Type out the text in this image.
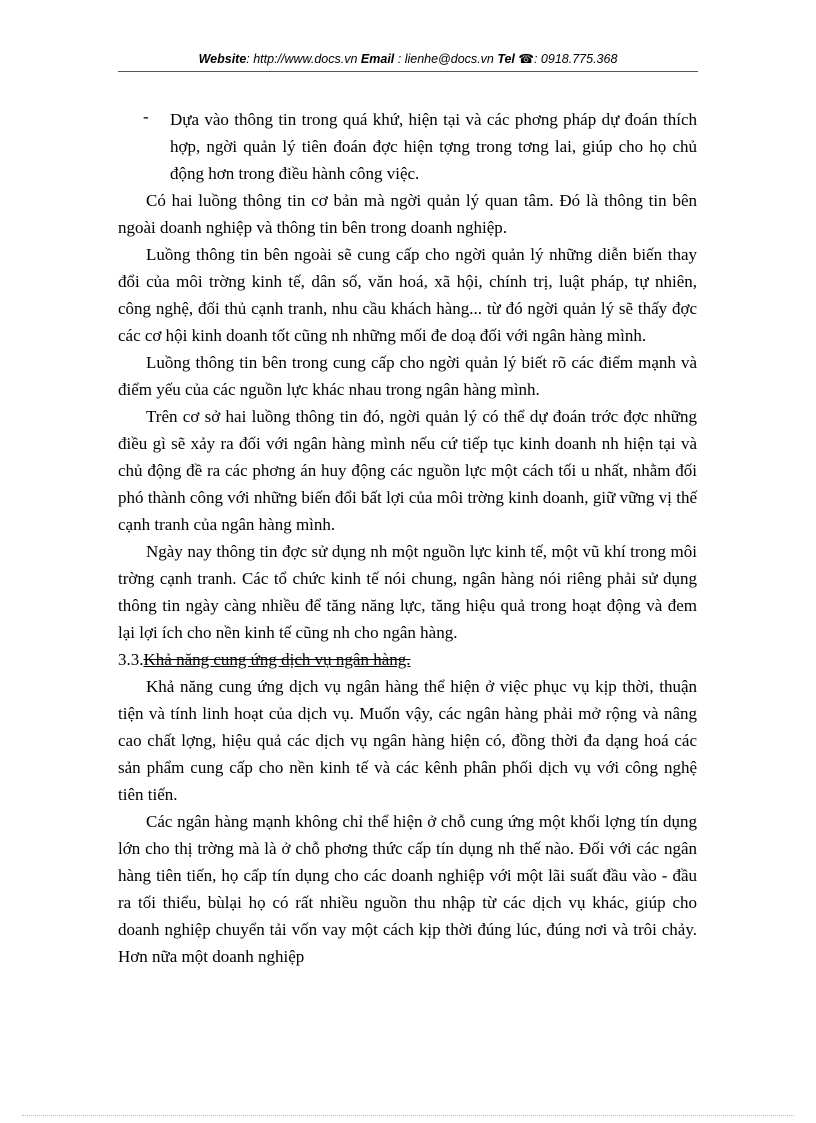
Website: http://www.docs.vn Email : lienhe@docs.vn Tel ☎: 0918.775.368
- Dựa vào thông tin trong quá khứ, hiện tại và các phơng pháp dự đoán thích hợp, ngời quản lý tiên đoán đợc hiện tợng trong tơng lai, giúp cho họ chủ động hơn trong điều hành công việc.

Có hai luồng thông tin cơ bản mà ngời quản lý quan tâm. Đó là thông tin bên ngoài doanh nghiệp và thông tin bên trong doanh nghiệp.

Luồng thông tin bên ngoài sẽ cung cấp cho ngời quản lý những diễn biến thay đổi của môi trờng kinh tế, dân số, văn hoá, xã hội, chính trị, luật pháp, tự nhiên, công nghệ, đối thủ cạnh tranh, nhu cầu khách hàng... từ đó ngời quản lý sẽ thấy đợc các cơ hội kinh doanh tốt cũng nh những mối đe doạ đối với ngân hàng mình.

Luồng thông tin bên trong cung cấp cho ngời quản lý biết rõ các điểm mạnh và điểm yếu của các nguồn lực khác nhau trong ngân hàng mình.

Trên cơ sở hai luồng thông tin đó, ngời quản lý có thể dự đoán trớc đợc những điều gì sẽ xảy ra đối với ngân hàng mình nếu cứ tiếp tục kinh doanh nh hiện tại và chủ động đề ra các phơng án huy động các nguồn lực một cách tối u nhất, nhằm đối phó thành công với những biến đổi bất lợi của môi trờng kinh doanh, giữ vững vị thế cạnh tranh của ngân hàng mình.

Ngày nay thông tin đợc sử dụng nh một nguồn lực kinh tế, một vũ khí trong môi trờng cạnh tranh. Các tổ chức kinh tế nói chung, ngân hàng nói riêng phải sử dụng thông tin ngày càng nhiều để tăng năng lực, tăng hiệu quả trong hoạt động và đem lại lợi ích cho nền kinh tế cũng nh cho ngân hàng.

3.3.Khả năng cung ứng dịch vụ ngân hàng.

Khả năng cung ứng dịch vụ ngân hàng thể hiện ở việc phục vụ kịp thời, thuận tiện và tính linh hoạt của dịch vụ. Muốn vậy, các ngân hàng phải mở rộng và nâng cao chất lợng, hiệu quả các dịch vụ ngân hàng hiện có, đồng thời đa dạng hoá các sản phẩm cung cấp cho nền kinh tế và các kênh phân phối dịch vụ với công nghệ tiên tiến.

Các ngân hàng mạnh không chỉ thể hiện ở chỗ cung ứng một khối lợng tín dụng lớn cho thị trờng mà là ở chỗ phơng thức cấp tín dụng nh thế nào. Đối với các ngân hàng tiên tiến, họ cấp tín dụng cho các doanh nghiệp với một lãi suất đầu vào - đầu ra tối thiểu, bùlại họ có rất nhiều nguồn thu nhập từ các dịch vụ khác, giúp cho doanh nghiệp chuyển tải vốn vay một cách kịp thời đúng lúc, đúng nơi và trôi chảy. Hơn nữa một doanh nghiệp
